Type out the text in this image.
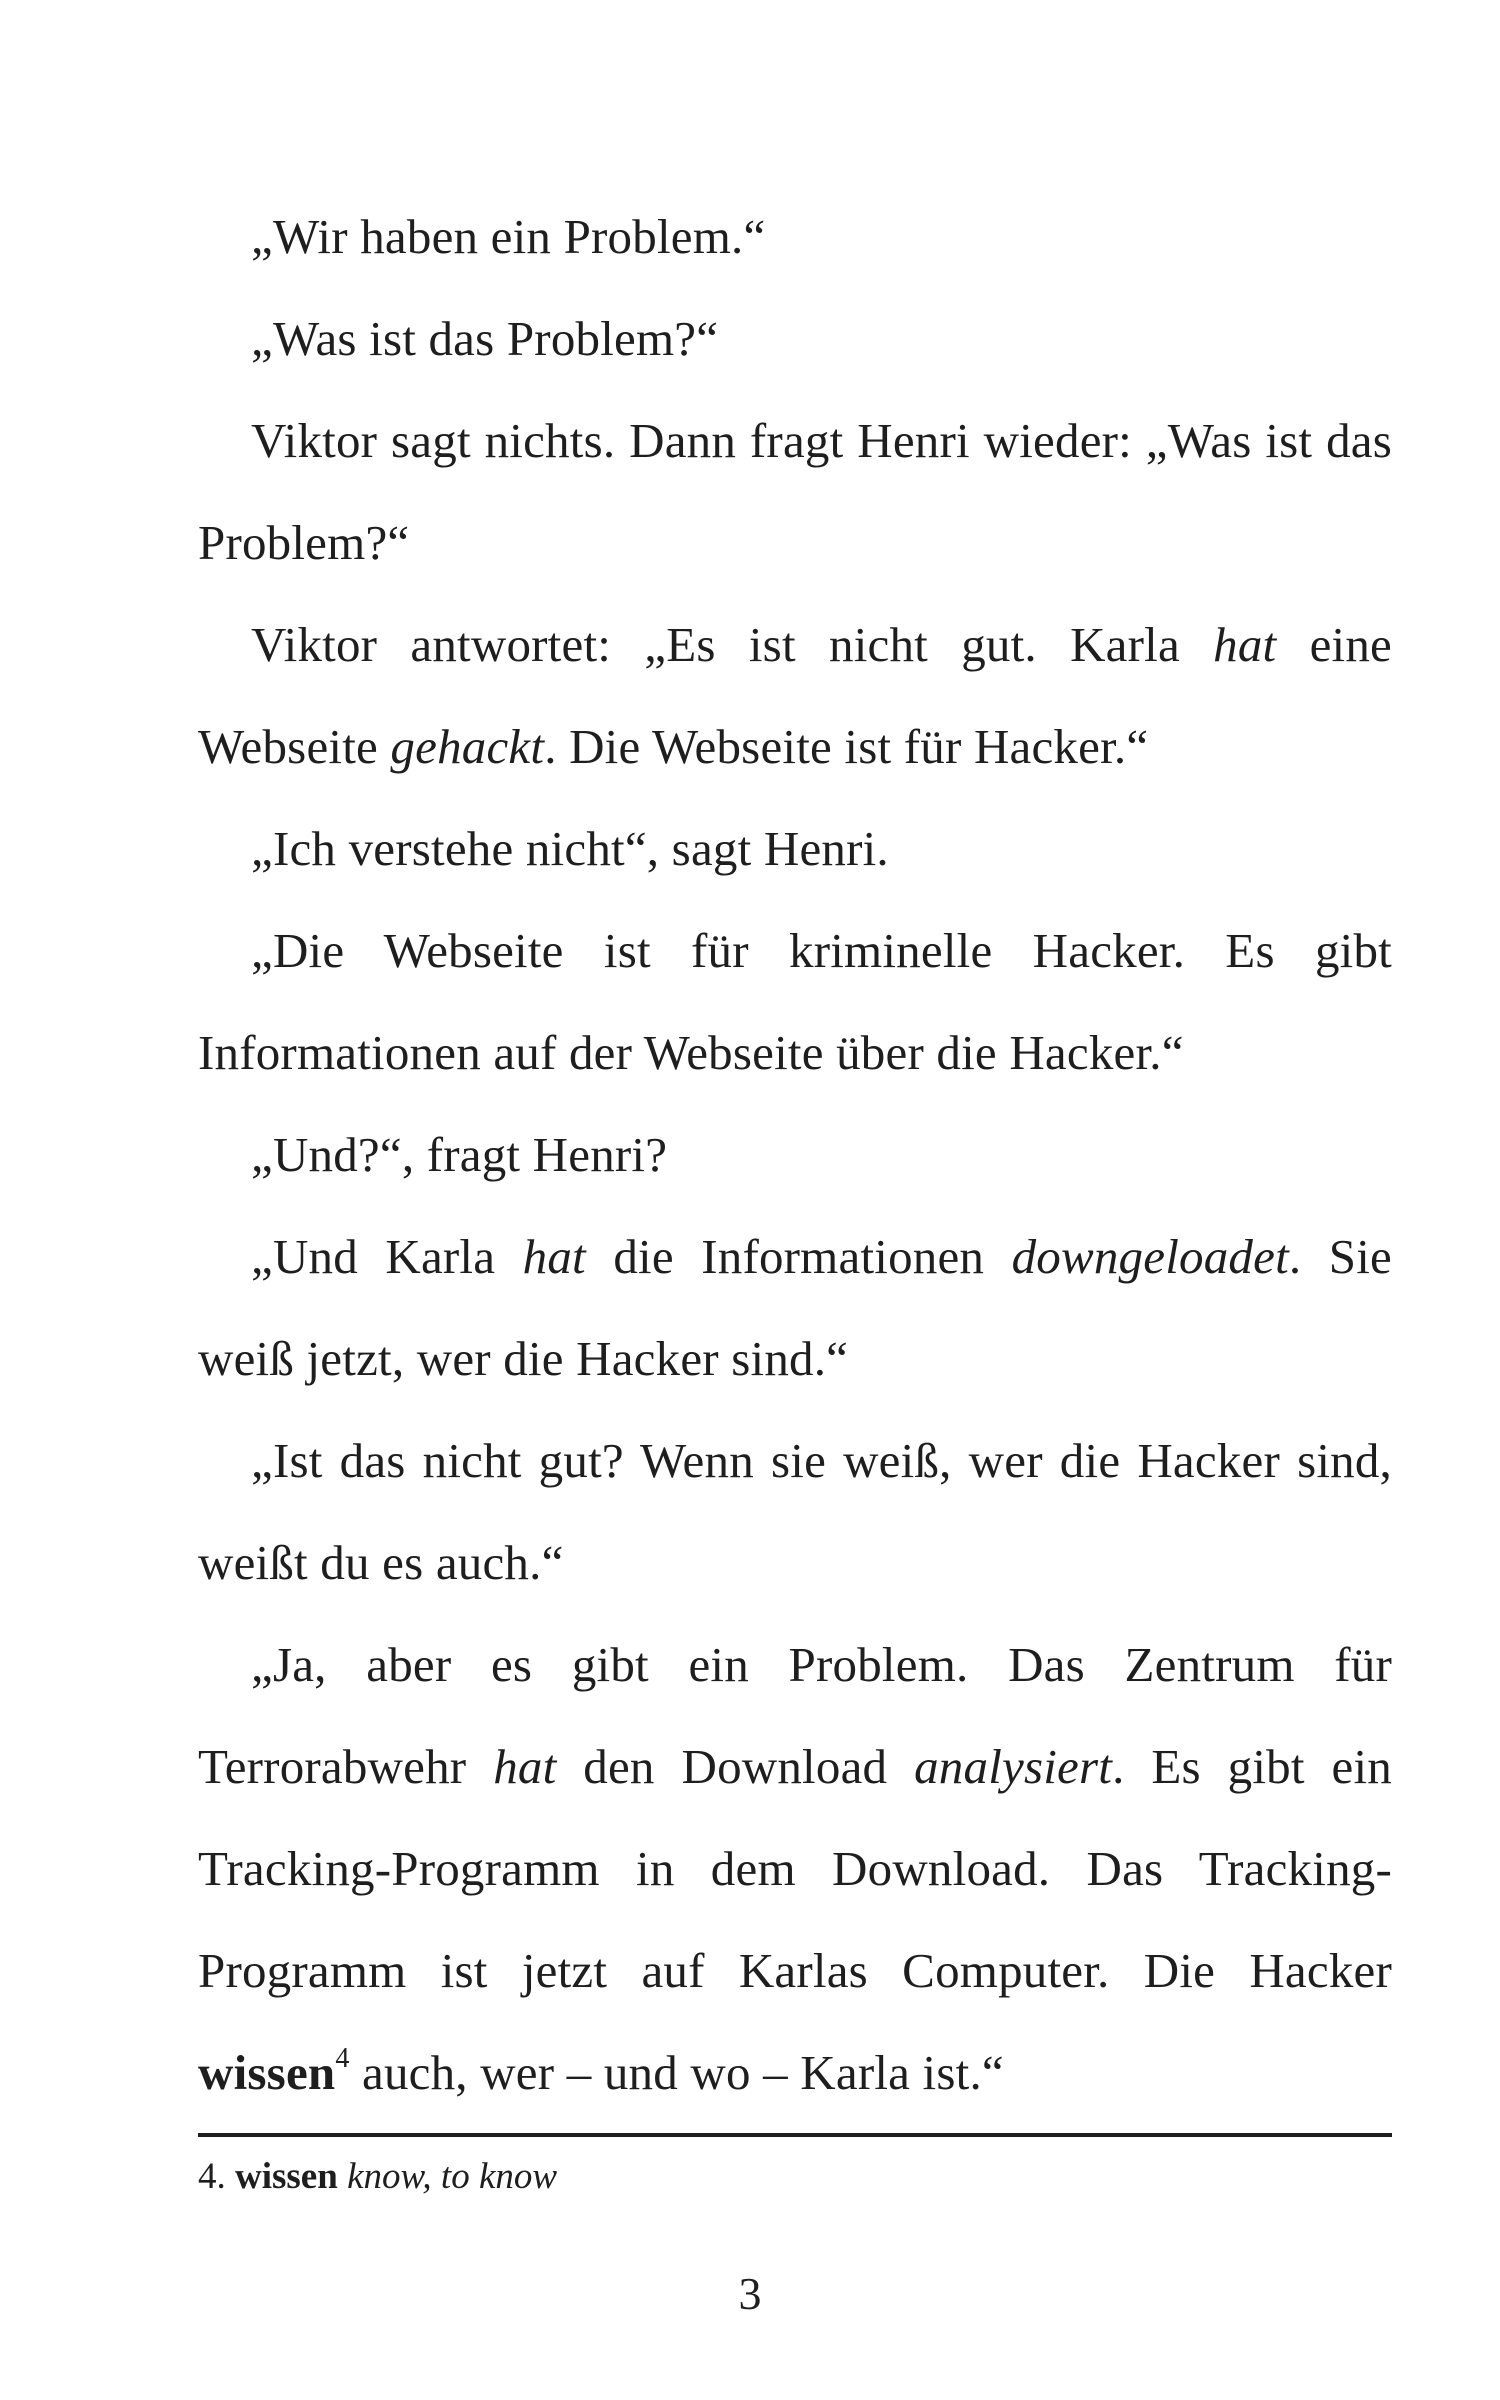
„Wir haben ein Problem.“

„Was ist das Problem?“

Viktor sagt nichts. Dann fragt Henri wieder: „Was ist das Problem?“

Viktor antwortet: „Es ist nicht gut. Karla hat eine Webseite gehackt. Die Webseite ist für Hacker.“

„Ich verstehe nicht“, sagt Henri.

„Die Webseite ist für kriminelle Hacker. Es gibt Informationen auf der Webseite über die Hacker.“

„Und?“, fragt Henri?

„Und Karla hat die Informationen downgeloadet. Sie weiß jetzt, wer die Hacker sind.“

„Ist das nicht gut? Wenn sie weiß, wer die Hacker sind, weißt du es auch.“

„Ja, aber es gibt ein Problem. Das Zentrum für Terrorabwehr hat den Download analysiert. Es gibt ein Tracking-Programm in dem Download. Das Tracking-Programm ist jetzt auf Karlas Computer. Die Hacker wissen$^4$ auch, wer – und wo – Karla ist.“

4. wissen know, to know
3
